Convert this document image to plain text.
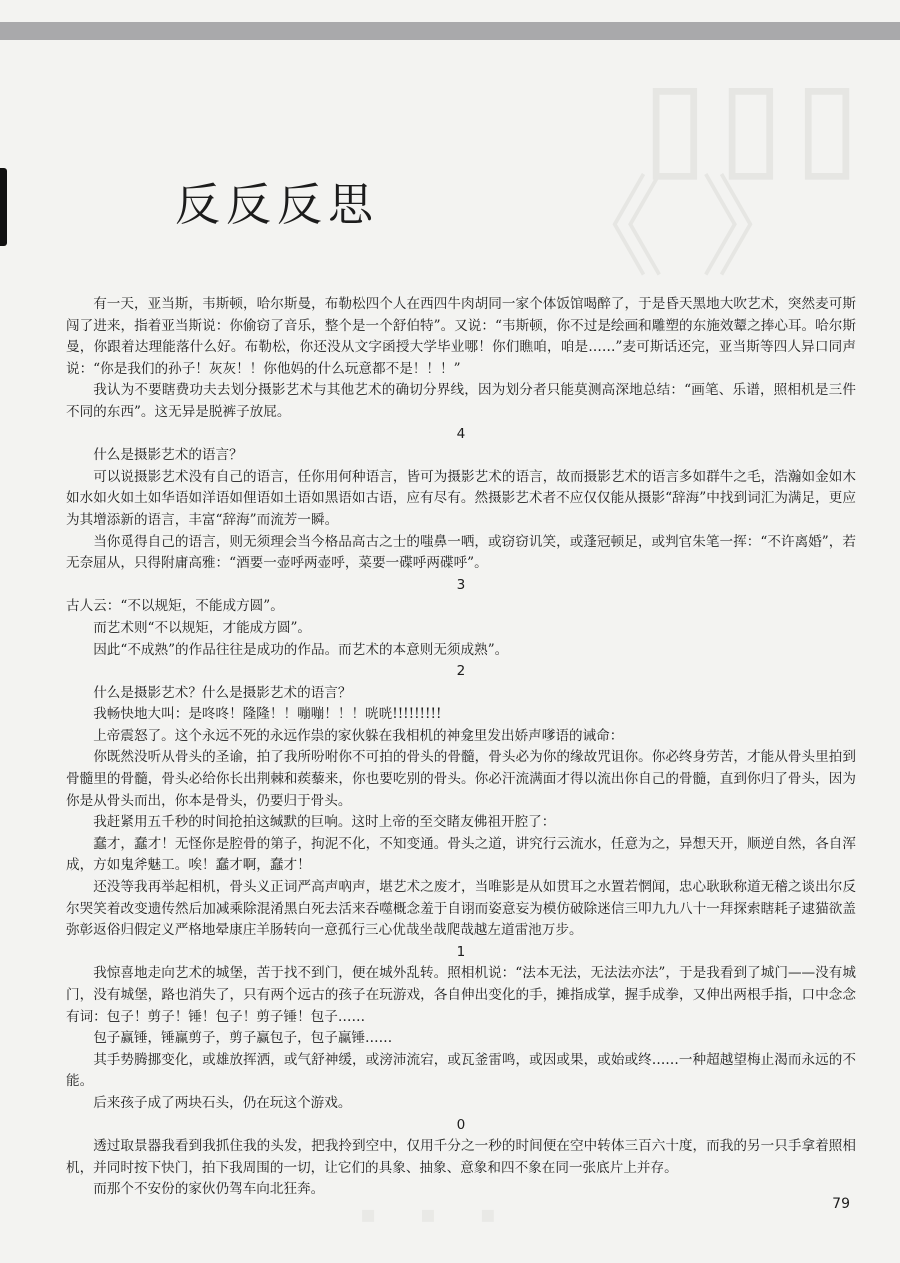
▯▯▯
《 》
▪ ▪ ▪
反反反思

有一天，亚当斯，韦斯顿，哈尔斯曼，布勒松四个人在西四牛肉胡同一家个体饭馆喝醉了，于是昏天黑地大吹艺术，突然麦可斯闯了进来，指着亚当斯说：你偷窃了音乐，整个是一个舒伯特”。又说：“韦斯顿，你不过是绘画和雕塑的东施效颦之捧心耳。哈尔斯曼，你跟着达理能落什么好。布勒松，你还没从文字函授大学毕业哪！你们瞧咱，咱是……”麦可斯话还完，亚当斯等四人异口同声说：“你是我们的孙子！灰灰！！你他妈的什么玩意都不是！！！”

我认为不要瞎费功夫去划分摄影艺术与其他艺术的确切分界线，因为划分者只能莫测高深地总结：“画笔、乐谱，照相机是三件不同的东西”。这无异是脱裤子放屁。

4

什么是摄影艺术的语言？

可以说摄影艺术没有自己的语言，任你用何种语言，皆可为摄影艺术的语言，故而摄影艺术的语言多如群牛之毛，浩瀚如金如木如水如火如土如华语如洋语如俚语如土语如黑语如古语，应有尽有。然摄影艺术者不应仅仅能从摄影“辞海”中找到词汇为满足，更应为其增添新的语言，丰富“辞海”而流芳一瞬。

当你觅得自己的语言，则无须理会当今格品高古之士的嗤鼻一哂，或窃窃讥笑，或蓬冠顿足，或判官朱笔一挥：“不许离婚”，若无奈屈从，只得附庸高雅：“酒要一壶呼两壶呼，菜要一碟呼两碟呼”。

3

古人云：“不以规矩，不能成方圆”。

而艺术则“不以规矩，才能成方圆”。

因此“不成熟”的作品往往是成功的作品。而艺术的本意则无须成熟”。

2

什么是摄影艺术？什么是摄影艺术的语言？

我畅快地大叫：是咚咚！隆隆！！嘣嘣！！！咣咣!!!!!!!!!

上帝震怒了。这个永远不死的永远作祟的家伙躲在我相机的神龛里发出娇声嗲语的诫命：

你既然没听从骨头的圣谕，拍了我所吩咐你不可拍的骨头的骨髓，骨头必为你的缘故咒诅你。你必终身劳苦，才能从骨头里拍到骨髓里的骨髓，骨头必给你长出荆棘和蒺藜来，你也要吃别的骨头。你必汗流满面才得以流出你自己的骨髓，直到你归了骨头，因为你是从骨头而出，你本是骨头，仍要归于骨头。

我赶紧用五千秒的时间抢拍这缄默的巨响。这时上帝的至交睹友佛祖开腔了：

蠢才，蠢才！无怪你是腔骨的第子，拘泥不化，不知变通。骨头之道，讲究行云流水，任意为之，异想天开，顺逆自然，各自浑成，方如鬼斧魅工。唉！蠢才啊，蠢才！

还没等我再举起相机，骨头义正词严高声吶声，堪艺术之废才，当唯影是从如贯耳之水置若惘闻，忠心耿耿称道无稽之谈出尔反尔哭笑着改变遗传然后加减乘除混淆黑白死去活来吞噬概念羞于自诩而姿意妄为模仿破除迷信三叩九九八十一拜探索瞎耗子逮猫欲盖弥彰返俗归假定义严格地晕康庄羊肠转向一意孤行三心优哉坐哉爬哉越左道雷池万步。

1

我惊喜地走向艺术的城堡，苦于找不到门，便在城外乱转。照相机说：“法本无法，无法法亦法”，于是我看到了城门——没有城门，没有城堡，路也消失了，只有两个远古的孩子在玩游戏，各自伸出变化的手，摊指成掌，握手成拳，又伸出两根手指，口中念念有词：包子！剪子！锤！包子！剪子锤！包子……

包子赢锤，锤赢剪子，剪子赢包子，包子赢锤……

其手势腾挪变化，或雄放挥洒，或气舒神缓，或滂沛流宕，或瓦釜雷鸣，或因或果，或始或终……一种超越望梅止渴而永远的不能。

后来孩子成了两块石头，仍在玩这个游戏。

0

透过取景器我看到我抓住我的头发，把我拎到空中，仅用千分之一秒的时间便在空中转体三百六十度，而我的另一只手拿着照相机，并同时按下快门，拍下我周围的一切，让它们的具象、抽象、意象和四不象在同一张底片上并存。

而那个不安份的家伙仍驾车向北狂奔。

79
